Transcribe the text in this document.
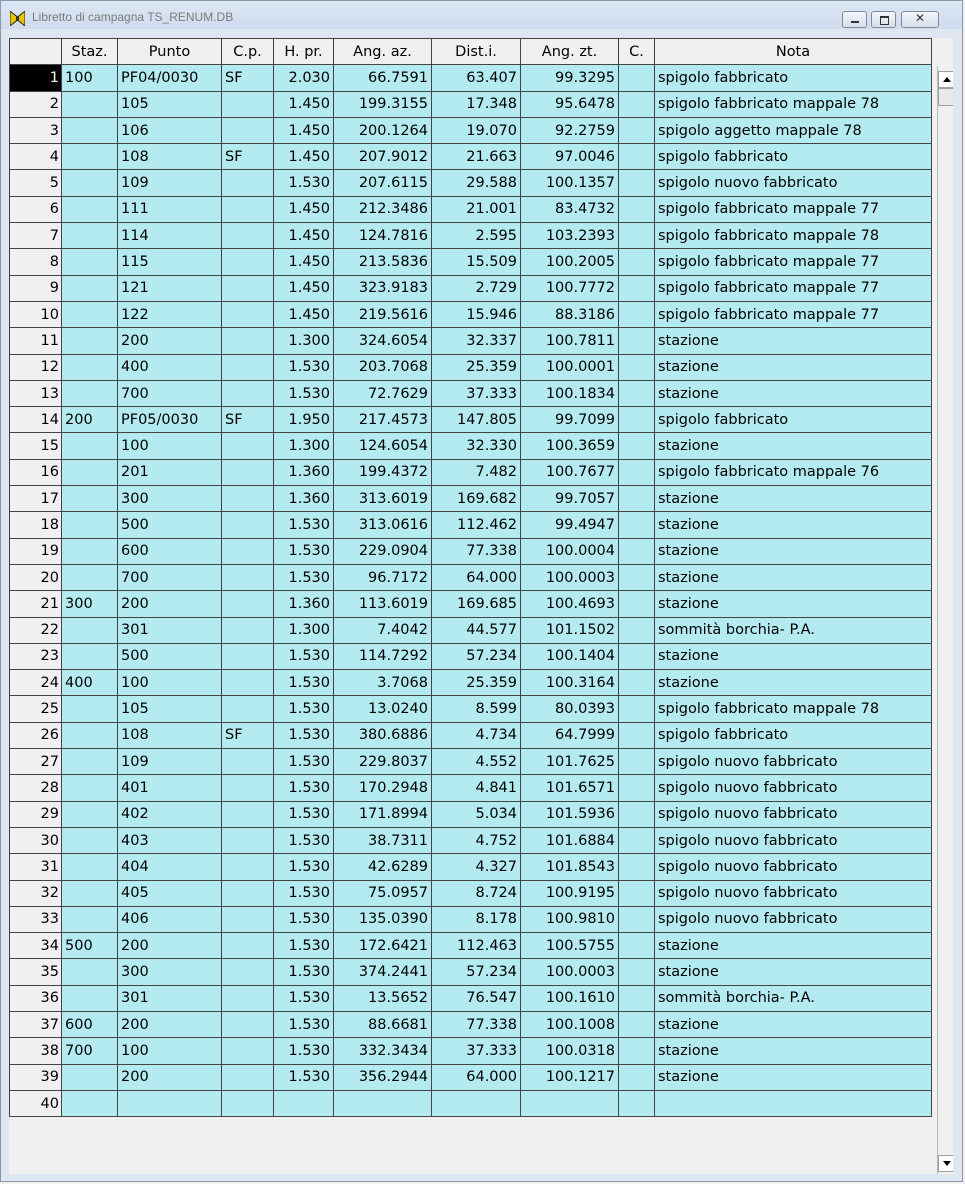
Libretto di campagna TS_RENUM.DB	✕
	Staz.	Punto	C.p.	H. pr.	Ang. az.	Dist.i.	Ang. zt.	C.	Nota
1	100	PF04/0030	SF	2.030	66.7591	63.407	99.3295		spigolo fabbricato
2		105		1.450	199.3155	17.348	95.6478		spigolo fabbricato mappale 78
3		106		1.450	200.1264	19.070	92.2759		spigolo aggetto mappale 78
4		108	SF	1.450	207.9012	21.663	97.0046		spigolo fabbricato
5		109		1.530	207.6115	29.588	100.1357		spigolo nuovo fabbricato
6		111		1.450	212.3486	21.001	83.4732		spigolo fabbricato mappale 77
7		114		1.450	124.7816	2.595	103.2393		spigolo fabbricato mappale 78
8		115		1.450	213.5836	15.509	100.2005		spigolo fabbricato mappale 77
9		121		1.450	323.9183	2.729	100.7772		spigolo fabbricato mappale 77
10		122		1.450	219.5616	15.946	88.3186		spigolo fabbricato mappale 77
11		200		1.300	324.6054	32.337	100.7811		stazione
12		400		1.530	203.7068	25.359	100.0001		stazione
13		700		1.530	72.7629	37.333	100.1834		stazione
14	200	PF05/0030	SF	1.950	217.4573	147.805	99.7099		spigolo fabbricato
15		100		1.300	124.6054	32.330	100.3659		stazione
16		201		1.360	199.4372	7.482	100.7677		spigolo fabbricato mappale 76
17		300		1.360	313.6019	169.682	99.7057		stazione
18		500		1.530	313.0616	112.462	99.4947		stazione
19		600		1.530	229.0904	77.338	100.0004		stazione
20		700		1.530	96.7172	64.000	100.0003		stazione
21	300	200		1.360	113.6019	169.685	100.4693		stazione
22		301		1.300	7.4042	44.577	101.1502		sommità borchia- P.A.
23		500		1.530	114.7292	57.234	100.1404		stazione
24	400	100		1.530	3.7068	25.359	100.3164		stazione
25		105		1.530	13.0240	8.599	80.0393		spigolo fabbricato mappale 78
26		108	SF	1.530	380.6886	4.734	64.7999		spigolo fabbricato
27		109		1.530	229.8037	4.552	101.7625		spigolo nuovo fabbricato
28		401		1.530	170.2948	4.841	101.6571		spigolo nuovo fabbricato
29		402		1.530	171.8994	5.034	101.5936		spigolo nuovo fabbricato
30		403		1.530	38.7311	4.752	101.6884		spigolo nuovo fabbricato
31		404		1.530	42.6289	4.327	101.8543		spigolo nuovo fabbricato
32		405		1.530	75.0957	8.724	100.9195		spigolo nuovo fabbricato
33		406		1.530	135.0390	8.178	100.9810		spigolo nuovo fabbricato
34	500	200		1.530	172.6421	112.463	100.5755		stazione
35		300		1.530	374.2441	57.234	100.0003		stazione
36		301		1.530	13.5652	76.547	100.1610		sommità borchia- P.A.
37	600	200		1.530	88.6681	77.338	100.1008		stazione
38	700	100		1.530	332.3434	37.333	100.0318		stazione
39		200		1.530	356.2944	64.000	100.1217		stazione
40									
